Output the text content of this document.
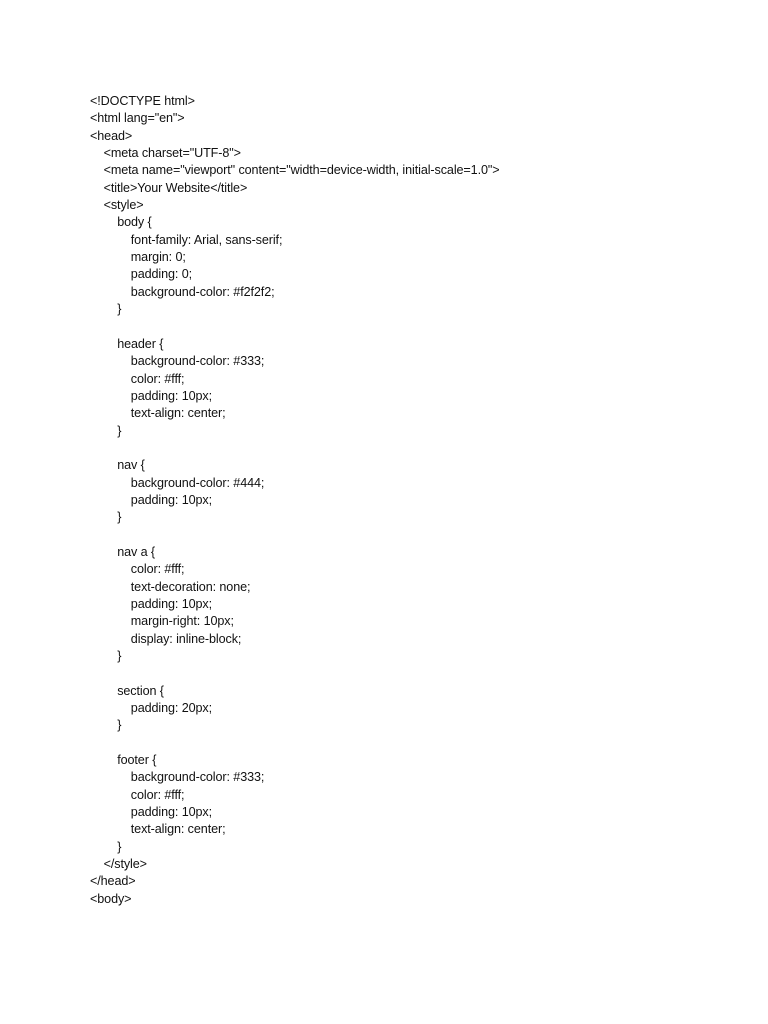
<!DOCTYPE html>
<html lang="en">
<head>
<meta charset="UTF-8">
<meta name="viewport" content="width=device-width, initial-scale=1.0">
<title>Your Website</title>
<style>
body {
font-family: Arial, sans-serif;
margin: 0;
padding: 0;
background-color: #f2f2f2;
}
header {
background-color: #333;
color: #fff;
padding: 10px;
text-align: center;
}
nav {
background-color: #444;
padding: 10px;
}
nav a {
color: #fff;
text-decoration: none;
padding: 10px;
margin-right: 10px;
display: inline-block;
}
section {
padding: 20px;
}
footer {
background-color: #333;
color: #fff;
padding: 10px;
text-align: center;
}
</style>
</head>
<body>
